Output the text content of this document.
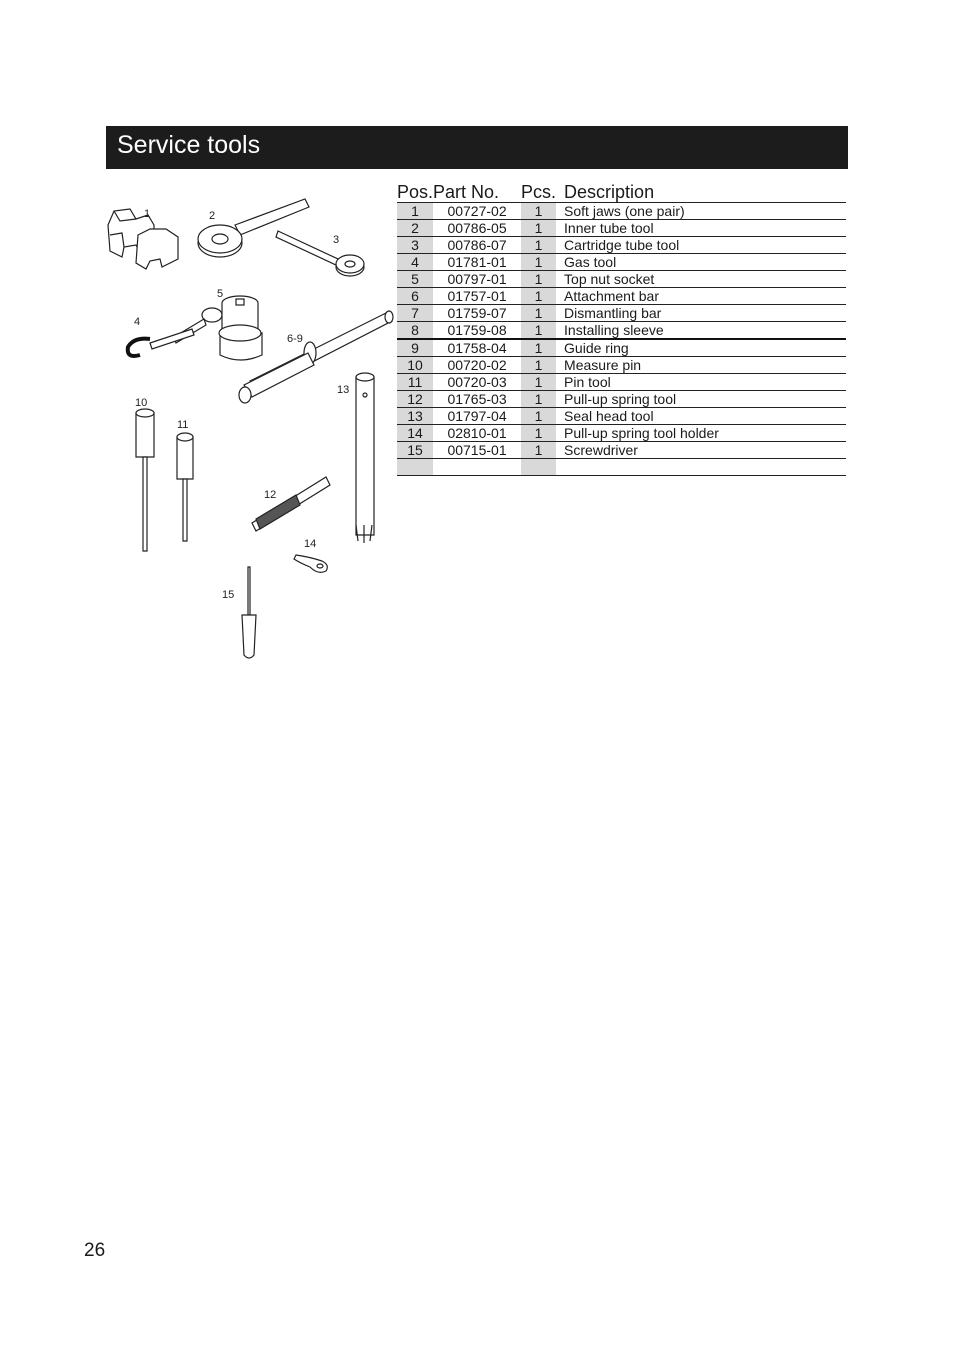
Service tools
1	2
3
4
5
6-9
10
11
12
13
14
15
Pos.	Part No.	Pcs.	Description
1	00727-02	1	Soft jaws (one pair)
2	00786-05	1	Inner tube tool
3	00786-07	1	Cartridge tube tool
4	01781-01	1	Gas tool
5	00797-01	1	Top nut socket
6	01757-01	1	Attachment bar
7	01759-07	1	Dismantling bar
8	01759-08	1	Installing sleeve
9	01758-04	1	Guide ring
10	00720-02	1	Measure pin
11	00720-03	1	Pin tool
12	01765-03	1	Pull-up spring tool
13	01797-04	1	Seal head tool
14	02810-01	1	Pull-up spring tool holder
15	00715-01	1	Screwdriver

26
